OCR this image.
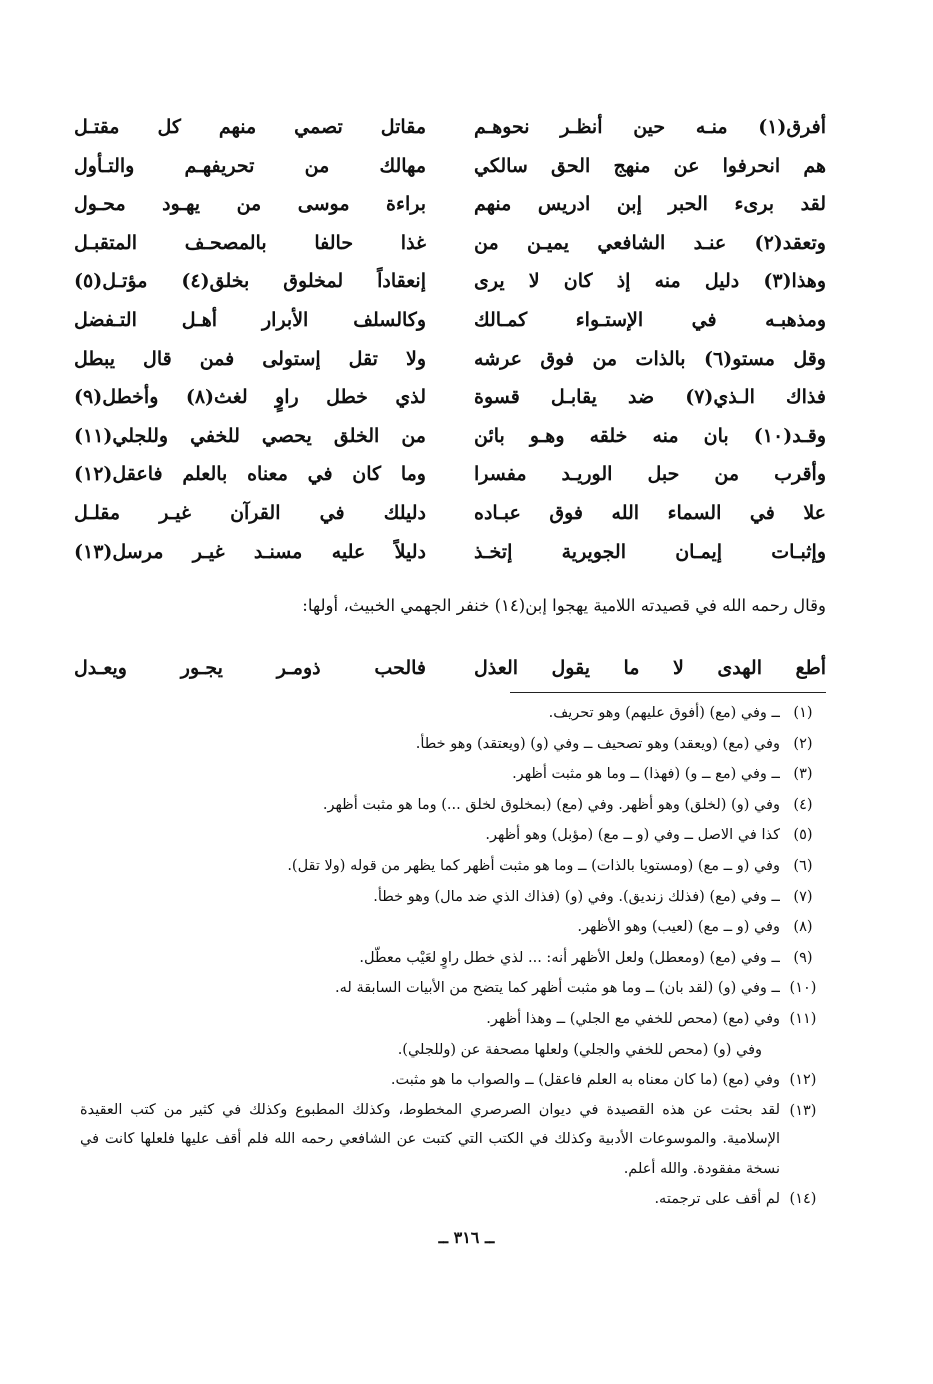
أفرق(١) منـه حين أنظـر نحوهـم
مقاتل تصمي منهم كل مقتـل
هم انحرفوا عن منهج الحق سالكي
مهالك من تحريفهـم والتـأول
لقد برىء الحبر إبن ادريس منهم
براءة موسى من يهـود محـول
وتعقد(٢) عنـد الشافعي يميـن من
غذا حالفا بالمصحـف المتقبـل
وهذا(٣) دليل منه إذ كان لا يرى
إنعقاداً لمخلوق بخلق(٤) مؤتـل(٥)
ومذهبـه في الإستـواء كمـالك
وكالسلف الأبرار أهـل التـفضل
وقل مستو(٦) بالذات من فوق عرشه
ولا تقل إستولى فمن قال يبطل
فذاك الـذي(٧) ضد يقابـل قسوة
لذي خطل راوٍ لغث(٨) وأخطل(٩)
وقـد(١٠) بان منه خلقه وهـو بائن
من الخلق يحصي للخفي وللجلي(١١)
وأقرب من حبل الوريـد مفسرا
وما كان في معناه بالعلم فاعقل(١٢)
علا في السماء الله فوق عبـاده
دليلك في القرآن غيـر مقلـل
وإثبـات إيمـان الجويرية إتخـذ
دليلاً عليه مسنـد غيـر مرسل(١٣)
وقال رحمه الله في قصيدته اللامية يهجوا إبن(١٤) خنفر الجهمي الخبيث، أولها:
أطع الهدى لا ما يقول العذل
فالحب ذومـر يجـور ويعـدل
(١)
ــ وفي (مع) (أفوق عليهم) وهو تحريف.
(٢)
وفي (مع) (ويعقد) وهو تصحيف ــ وفي (و) (ويعتقد) وهو خطأ.
(٣)
ــ وفي (مع ــ و) (فهذا) ــ وما هو مثبت أظهر.
(٤)
وفي (و) (لخلق) وهو أظهر. وفي (مع) (بمخلوق لخلق ...) وما هو مثبت أظهر.
(٥)
كذا في الاصل ــ وفي (و ــ مع) (مؤبل) وهو أظهر.
(٦)
وفي (و ــ مع) (ومستويا بالذات) ــ وما هو مثبت أظهر كما يظهر من قوله (ولا تقل).
(٧)
ــ وفي (مع) (فذلك زنديق). وفي (و) (فذاك الذي ضد مال) وهو خطأ.
(٨)
وفي (و ــ مع) (لعيب) وهو الأظهر.
(٩)
ــ وفي (مع) (ومعطل) ولعل الأظهر أنه: ... لذي خطل راوٍ لعَيْب معطّل.
(١٠)
ــ وفي (و) (لقد بان) ــ وما هو مثبت أظهر كما يتضح من الأبيات السابقة له.
(١١)
وفي (مع) (محص للخفي مع الجلي) ــ وهذا أظهر.
وفي (و) (محص للخفي والجلي) ولعلها مصحفة عن (وللجلي).
(١٢)
وفي (مع) (ما كان معناه به العلم فاعقل) ــ والصواب ما هو مثبت.
(١٣)
لقد بحثت عن هذه القصيدة في ديوان الصرصري المخطوط، وكذلك المطبوع وكذلك في كثير من كتب العقيدة الإسلامية. والموسوعات الأدبية وكذلك في الكتب التي كتبت عن الشافعي رحمه الله فلم أقف عليها فلعلها كانت في نسخة مفقودة. والله أعلم.
(١٤)
لم أقف على ترجمته.
ــ ٣١٦ ــ
